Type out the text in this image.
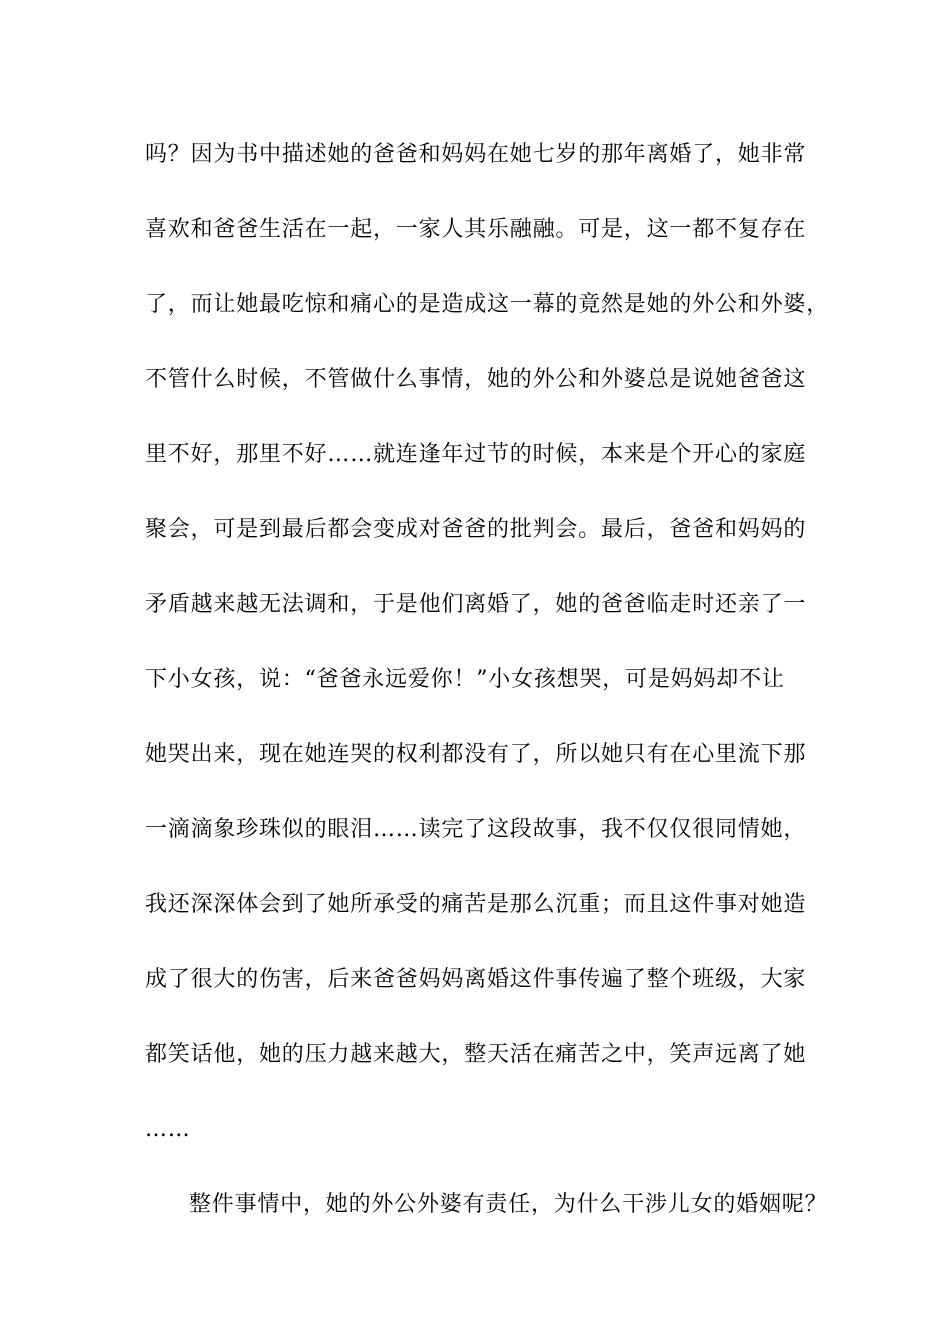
吗？因为书中描述她的爸爸和妈妈在她七岁的那年离婚了，她非常
喜欢和爸爸生活在一起，一家人其乐融融。可是，这一都不复存在
了，而让她最吃惊和痛心的是造成这一幕的竟然是她的外公和外婆，
不管什么时候，不管做什么事情，她的外公和外婆总是说她爸爸这
里不好，那里不好……就连逢年过节的时候，本来是个开心的家庭
聚会，可是到最后都会变成对爸爸的批判会。最后，爸爸和妈妈的
矛盾越来越无法调和，于是他们离婚了，她的爸爸临走时还亲了一
下小女孩，说：“爸爸永远爱你！”小女孩想哭，可是妈妈却不让
她哭出来，现在她连哭的权利都没有了，所以她只有在心里流下那
一滴滴象珍珠似的眼泪……读完了这段故事，我不仅仅很同情她，
我还深深体会到了她所承受的痛苦是那么沉重；而且这件事对她造
成了很大的伤害，后来爸爸妈妈离婚这件事传遍了整个班级，大家
都笑话他，她的压力越来越大，整天活在痛苦之中，笑声远离了她
……
整件事情中，她的外公外婆有责任，为什么干涉儿女的婚姻呢？
